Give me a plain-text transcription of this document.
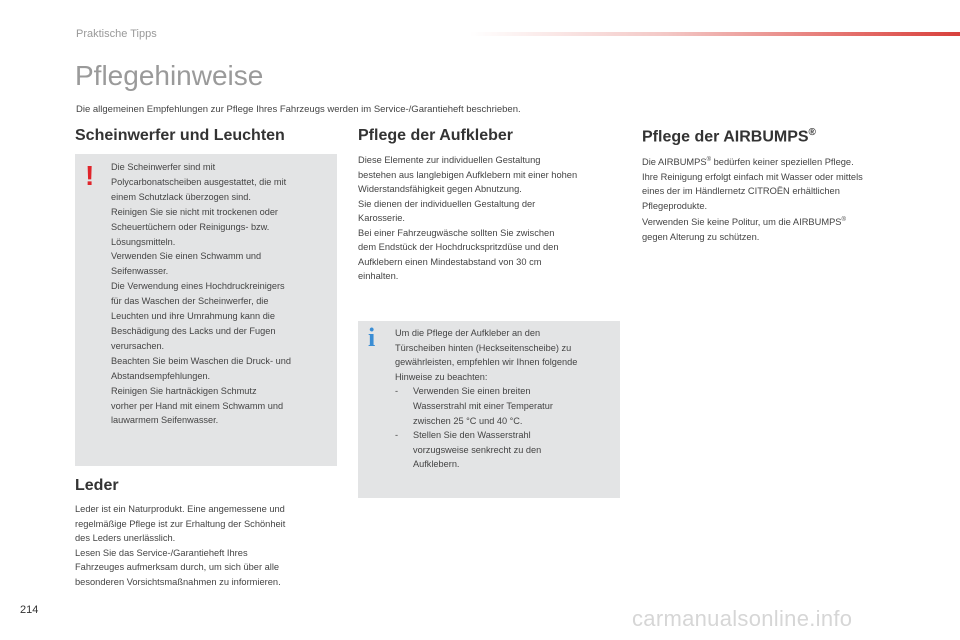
Praktische Tipps
Pflegehinweise
Die allgemeinen Empfehlungen zur Pflege Ihres Fahrzeugs werden im Service-/Garantieheft beschrieben.
Scheinwerfer und Leuchten
! Die Scheinwerfer sind mit

Polycarbonatscheiben ausgestattet, die mit

einem Schutzlack überzogen sind.

Reinigen Sie sie nicht mit trockenen oder

Scheuertüchern oder Reinigungs- bzw.

Lösungsmitteln.

Verwenden Sie einen Schwamm und

Seifenwasser.

Die Verwendung eines Hochdruckreinigers

für das Waschen der Scheinwerfer, die

Leuchten und ihre Umrahmung kann die

Beschädigung des Lacks und der Fugen

verursachen.

Beachten Sie beim Waschen die Druck- und

Abstandsempfehlungen.

Reinigen Sie hartnäckigen Schmutz

vorher per Hand mit einem Schwamm und

lauwarmem Seifenwasser.

Leder

Leder ist ein Naturprodukt. Eine angemessene und

regelmäßige Pflege ist zur Erhaltung der Schönheit

des Leders unerlässlich.

Lesen Sie das Service-/Garantieheft Ihres

Fahrzeuges aufmerksam durch, um sich über alle

besonderen Vorsichtsmaßnahmen zu informieren.

Pflege der Aufkleber

Diese Elemente zur individuellen Gestaltung

bestehen aus langlebigen Aufklebern mit einer hohen

Widerstandsfähigkeit gegen Abnutzung.

Sie dienen der individuellen Gestaltung der

Karosserie.

Bei einer Fahrzeugwäsche sollten Sie zwischen

dem Endstück der Hochdruckspritzdüse und den

Aufklebern einen Mindestabstand von 30 cm

einhalten.

i Um die Pflege der Aufkleber an den

Türscheiben hinten (Heckseitenscheibe) zu

gewährleisten, empfehlen wir Ihnen folgende

Hinweise zu beachten:

-	Verwenden Sie einen breiten

Wasserstrahl mit einer Temperatur

zwischen 25 °C und 40 °C.

-	Stellen Sie den Wasserstrahl

vorzugsweise senkrecht zu den

Aufklebern.

Pflege der AIRBUMPS®

Die AIRBUMPS® bedürfen keiner speziellen Pflege.

Ihre Reinigung erfolgt einfach mit Wasser oder mittels

eines der im Händlernetz CITROËN erhältlichen

Pflegeprodukte.

Verwenden Sie keine Politur, um die AIRBUMPS®

gegen Alterung zu schützen.

214	carmanualsonline.info
